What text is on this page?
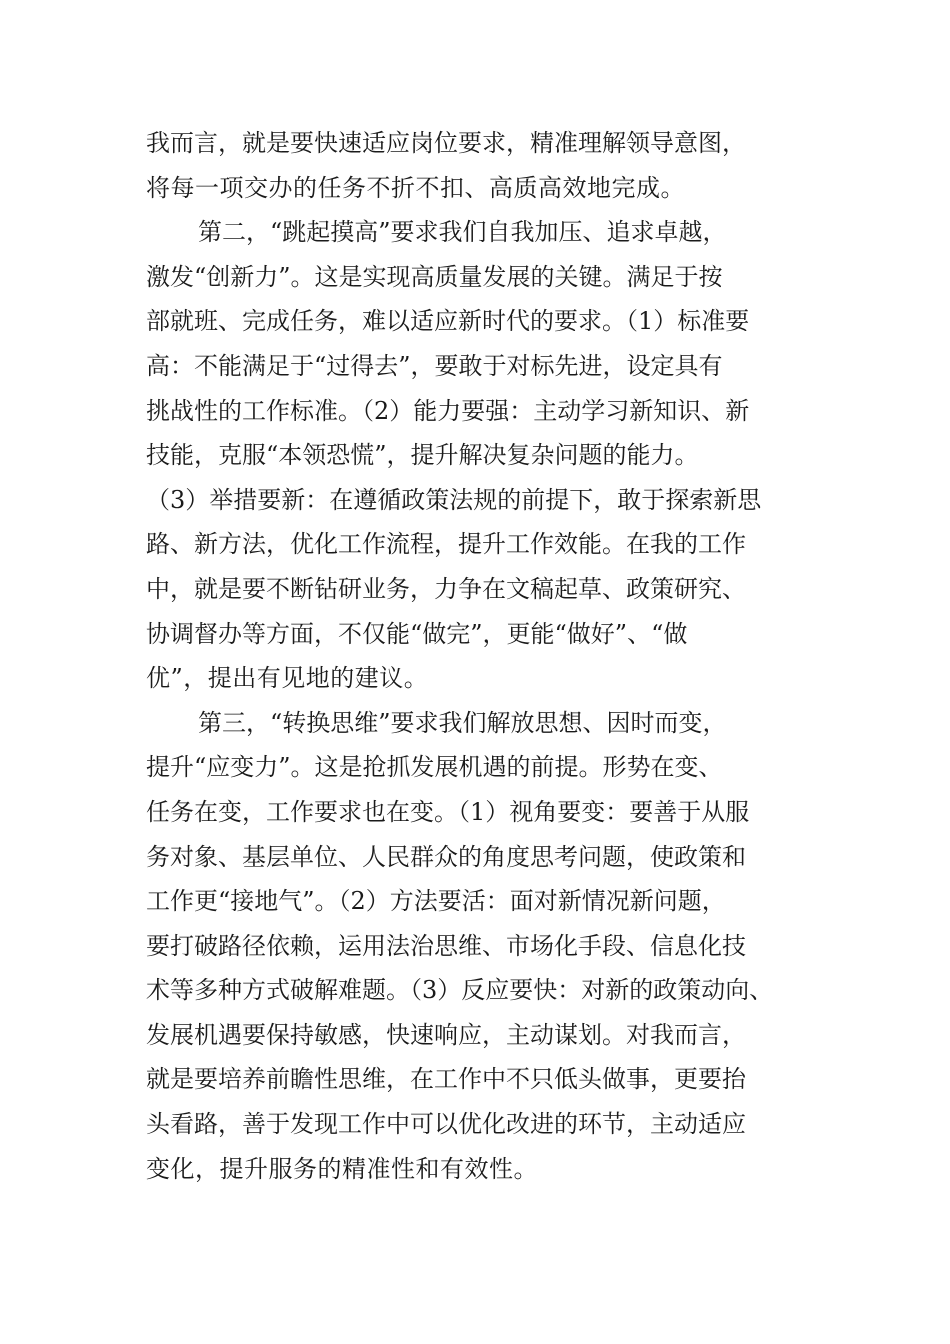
我而言，就是要快速适应岗位要求，精准理解领导意图，
将每一项交办的任务不折不扣、高质高效地完成。
第二，“跳起摸高”要求我们自我加压、追求卓越，
激发“创新力”。这是实现高质量发展的关键。满足于按
部就班、完成任务，难以适应新时代的要求。（1）标准要
高：不能满足于“过得去”，要敢于对标先进，设定具有
挑战性的工作标准。（2）能力要强：主动学习新知识、新
技能，克服“本领恐慌”，提升解决复杂问题的能力。
（3）举措要新：在遵循政策法规的前提下，敢于探索新思
路、新方法，优化工作流程，提升工作效能。在我的工作
中，就是要不断钻研业务，力争在文稿起草、政策研究、
协调督办等方面，不仅能“做完”，更能“做好”、“做
优”，提出有见地的建议。
第三，“转换思维”要求我们解放思想、因时而变，
提升“应变力”。这是抢抓发展机遇的前提。形势在变、
任务在变，工作要求也在变。（1）视角要变：要善于从服
务对象、基层单位、人民群众的角度思考问题，使政策和
工作更“接地气”。（2）方法要活：面对新情况新问题，
要打破路径依赖，运用法治思维、市场化手段、信息化技
术等多种方式破解难题。（3）反应要快：对新的政策动向、
发展机遇要保持敏感，快速响应，主动谋划。对我而言，
就是要培养前瞻性思维，在工作中不只低头做事，更要抬
头看路，善于发现工作中可以优化改进的环节，主动适应
变化，提升服务的精准性和有效性。
